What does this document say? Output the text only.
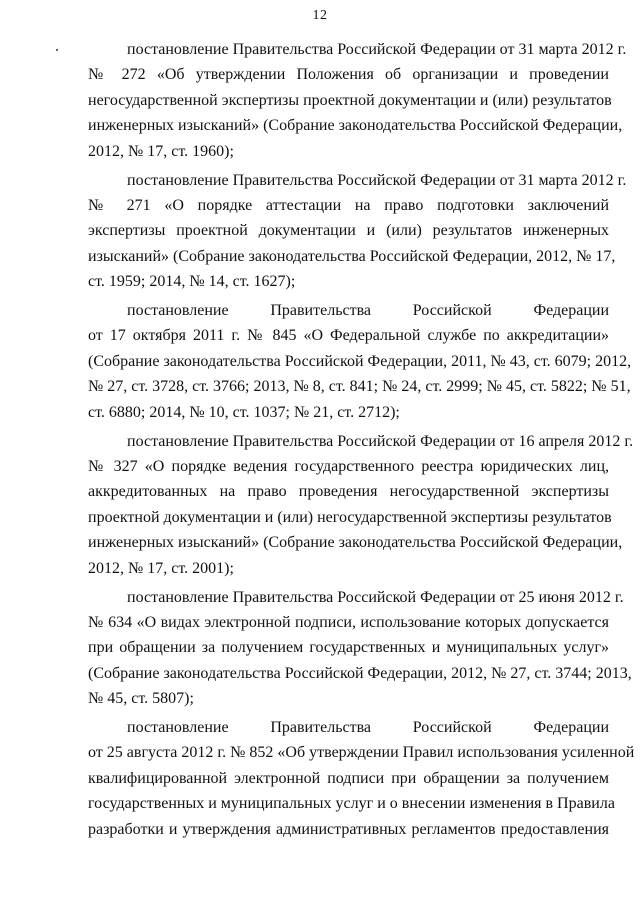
12

постановление Правительства Российской Федерации от 31 марта 2012 г.
№ 272 «Об утверждении Положения об организации и проведении
негосударственной экспертизы проектной документации и (или) результатов
инженерных изысканий» (Собрание законодательства Российской Федерации,
2012, № 17, ст. 1960);

постановление Правительства Российской Федерации от 31 марта 2012 г.
№ 271 «О порядке аттестации на право подготовки заключений
экспертизы проектной документации и (или) результатов инженерных
изысканий» (Собрание законодательства Российской Федерации, 2012, № 17,
ст. 1959; 2014, № 14, ст. 1627);

постановление Правительства Российской Федерации
от 17 октября 2011 г. № 845 «О Федеральной службе по аккредитации»
(Собрание законодательства Российской Федерации, 2011, № 43, ст. 6079; 2012,
№ 27, ст. 3728, ст. 3766; 2013, № 8, ст. 841; № 24, ст. 2999; № 45, ст. 5822; № 51,
ст. 6880; 2014, № 10, ст. 1037; № 21, ст. 2712);

постановление Правительства Российской Федерации от 16 апреля 2012 г.
№ 327 «О порядке ведения государственного реестра юридических лиц,
аккредитованных на право проведения негосударственной экспертизы
проектной документации и (или) негосударственной экспертизы результатов
инженерных изысканий» (Собрание законодательства Российской Федерации,
2012, № 17, ст. 2001);

постановление Правительства Российской Федерации от 25 июня 2012 г.
№ 634 «О видах электронной подписи, использование которых допускается
при обращении за получением государственных и муниципальных услуг»
(Собрание законодательства Российской Федерации, 2012, № 27, ст. 3744; 2013,
№ 45, ст. 5807);

постановление Правительства Российской Федерации
от 25 августа 2012 г. № 852 «Об утверждении Правил использования усиленной
квалифицированной электронной подписи при обращении за получением
государственных и муниципальных услуг и о внесении изменения в Правила
разработки и утверждения административных регламентов предоставления
